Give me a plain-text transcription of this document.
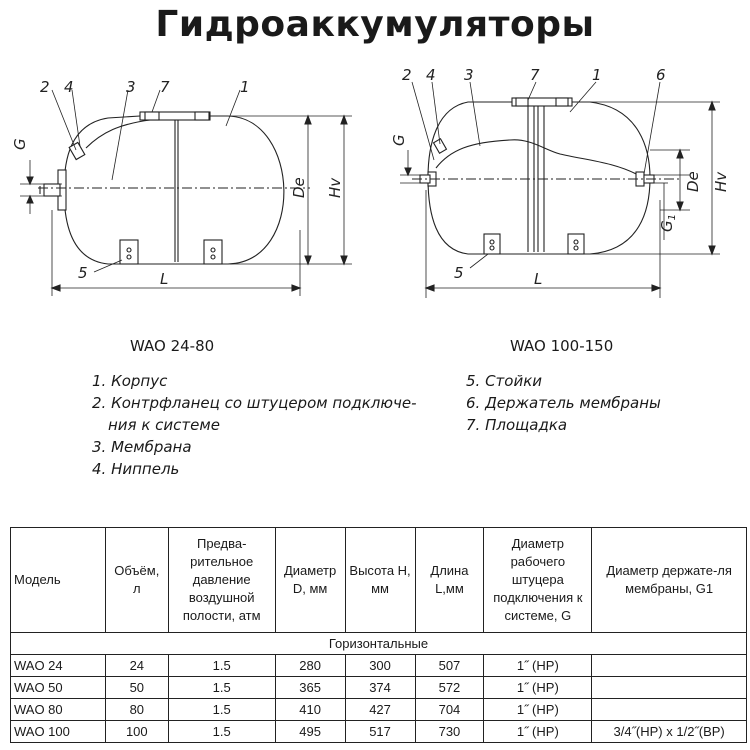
Гидроаккумуляторы
2 4	3 7	1
5
G
De Hv
L
2 4 3	7	1	6
5
G
De Hv
$G_1$
L
WAO 24-80	WAO 100-150
1. Корпус
2. Контрфланец со штуцером подключе-
ния к системе
3. Мембрана
4. Ниппель
5. Стойки
6. Держатель мембраны
7. Площадка
Модель	Объём, л	Предва-рительное давление воздушной полости, атм	Диаметр D, мм	Высота H, мм	Длина L,мм	Диаметр рабочего штуцера подключения к системе, G	Диаметр держате-ля мембраны, G1
Горизонтальные							
WAO 24	24	1.5	280	300	507	1˝ (НР)	
WAO 50	50	1.5	365	374	572	1˝ (НР)	
WAO 80	80	1.5	410	427	704	1˝ (НР)	
WAO 100	100	1.5	495	517	730	1˝ (НР)	3/4˝(НР) x 1/2˝(ВР)
